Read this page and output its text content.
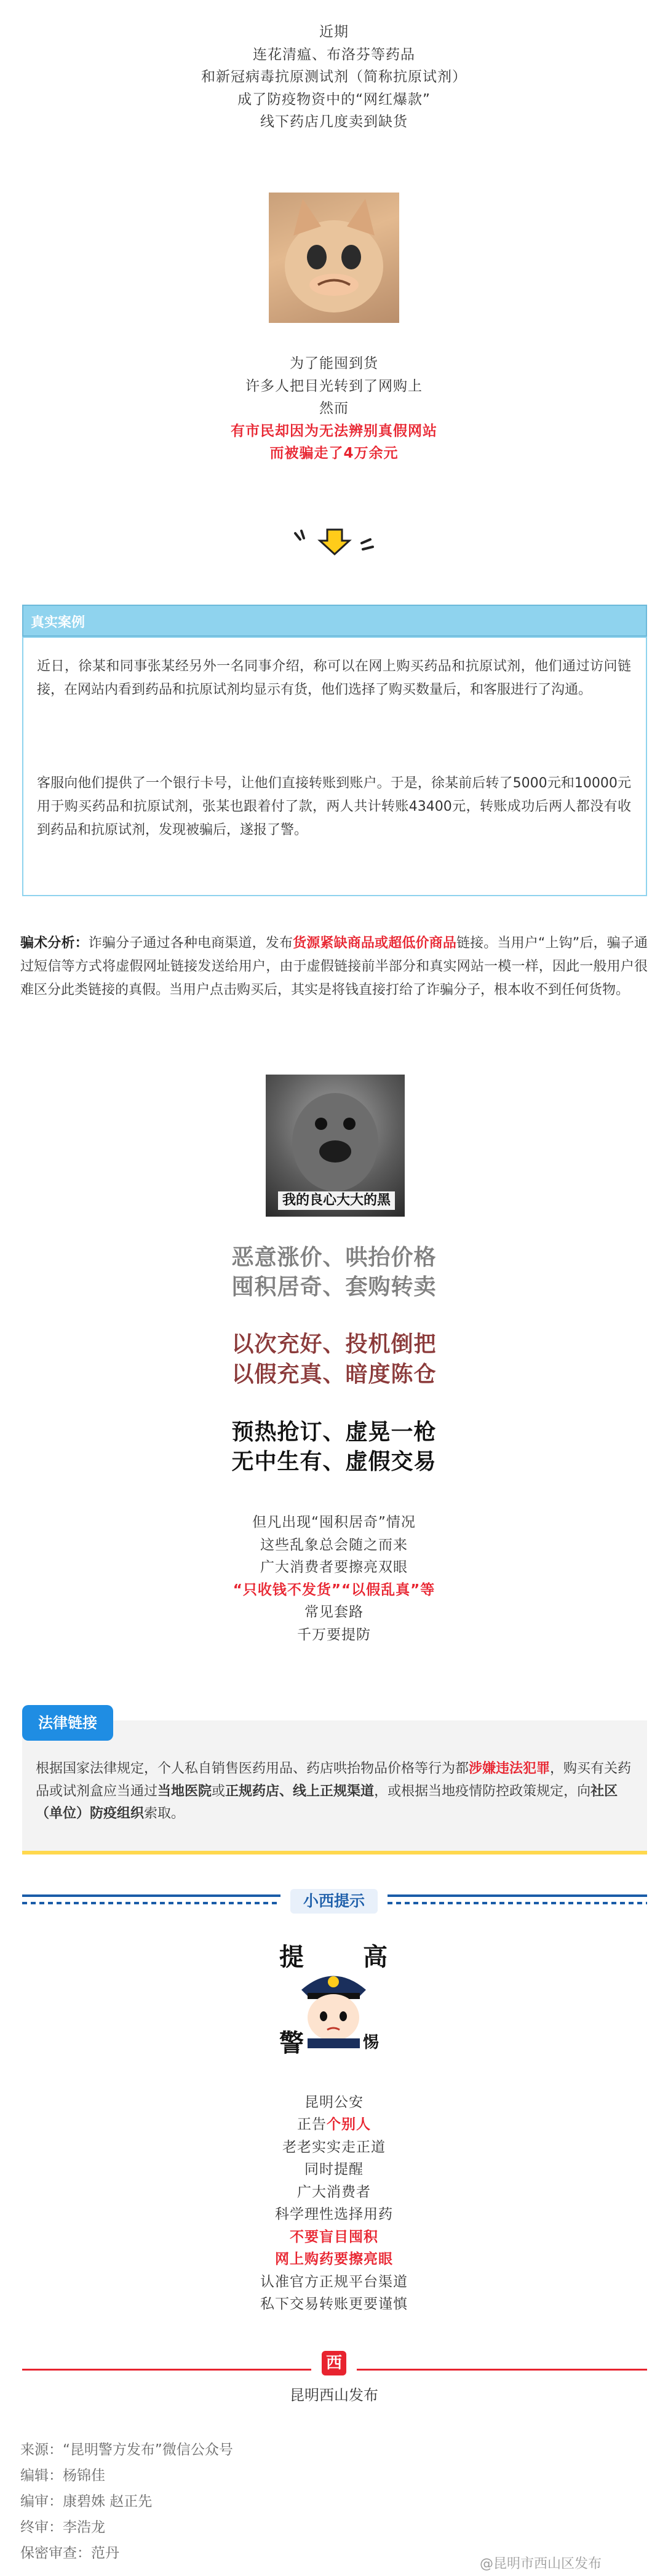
近期
连花清瘟、布洛芬等药品
和新冠病毒抗原测试剂（简称抗原试剂）
成了防疫物资中的“网红爆款”
线下药店几度卖到缺货
为了能囤到货
许多人把目光转到了网购上
然而
有市民却因为无法辨别真假网站
而被骗走了4万余元
真实案例

近日，徐某和同事张某经另外一名同事介绍，称可以在网上购买药品和抗原试剂，他们通过访问链接，在网站内看到药品和抗原试剂均显示有货，他们选择了购买数量后，和客服进行了沟通。

客服向他们提供了一个银行卡号，让他们直接转账到账户。于是，徐某前后转了5000元和10000元用于购买药品和抗原试剂，张某也跟着付了款，两人共计转账43400元，转账成功后两人都没有收到药品和抗原试剂，发现被骗后，遂报了警。

骗术分析：诈骗分子通过各种电商渠道，发布货源紧缺商品或超低价商品链接。当用户“上钩”后，骗子通过短信等方式将虚假网址链接发送给用户，由于虚假链接前半部分和真实网站一模一样，因此一般用户很难区分此类链接的真假。当用户点击购买后，其实是将钱直接打给了诈骗分子，根本收不到任何货物。
我的良心大大的黑
恶意涨价、哄抬价格
囤积居奇、套购转卖
以次充好、投机倒把
以假充真、暗度陈仓
预热抢订、虚晃一枪
无中生有、虚假交易
但凡出现“囤积居奇”情况
这些乱象总会随之而来
广大消费者要擦亮双眼
“只收钱不发货”“以假乱真”等
常见套路
千万要提防
法律链接
根据国家法律规定，个人私自销售医药用品、药店哄抬物品价格等行为都涉嫌违法犯罪，购买有关药品或试剂盒应当通过当地医院或正规药店、线上正规渠道，或根据当地疫情防控政策规定，向社区（单位）防疫组织索取。
小西提示
提 高
警	惕
昆明公安
正告个别人
老老实实走正道
同时提醒
广大消费者
科学理性选择用药
不要盲目囤积
网上购药要擦亮眼
认准官方正规平台渠道
私下交易转账更要谨慎
西
昆明西山发布
来源：“昆明警方发布”微信公众号
编辑：杨锦佳
编审：康碧姝 赵正先
终审：李浩龙
保密审查：范丹
@昆明市西山区发布
